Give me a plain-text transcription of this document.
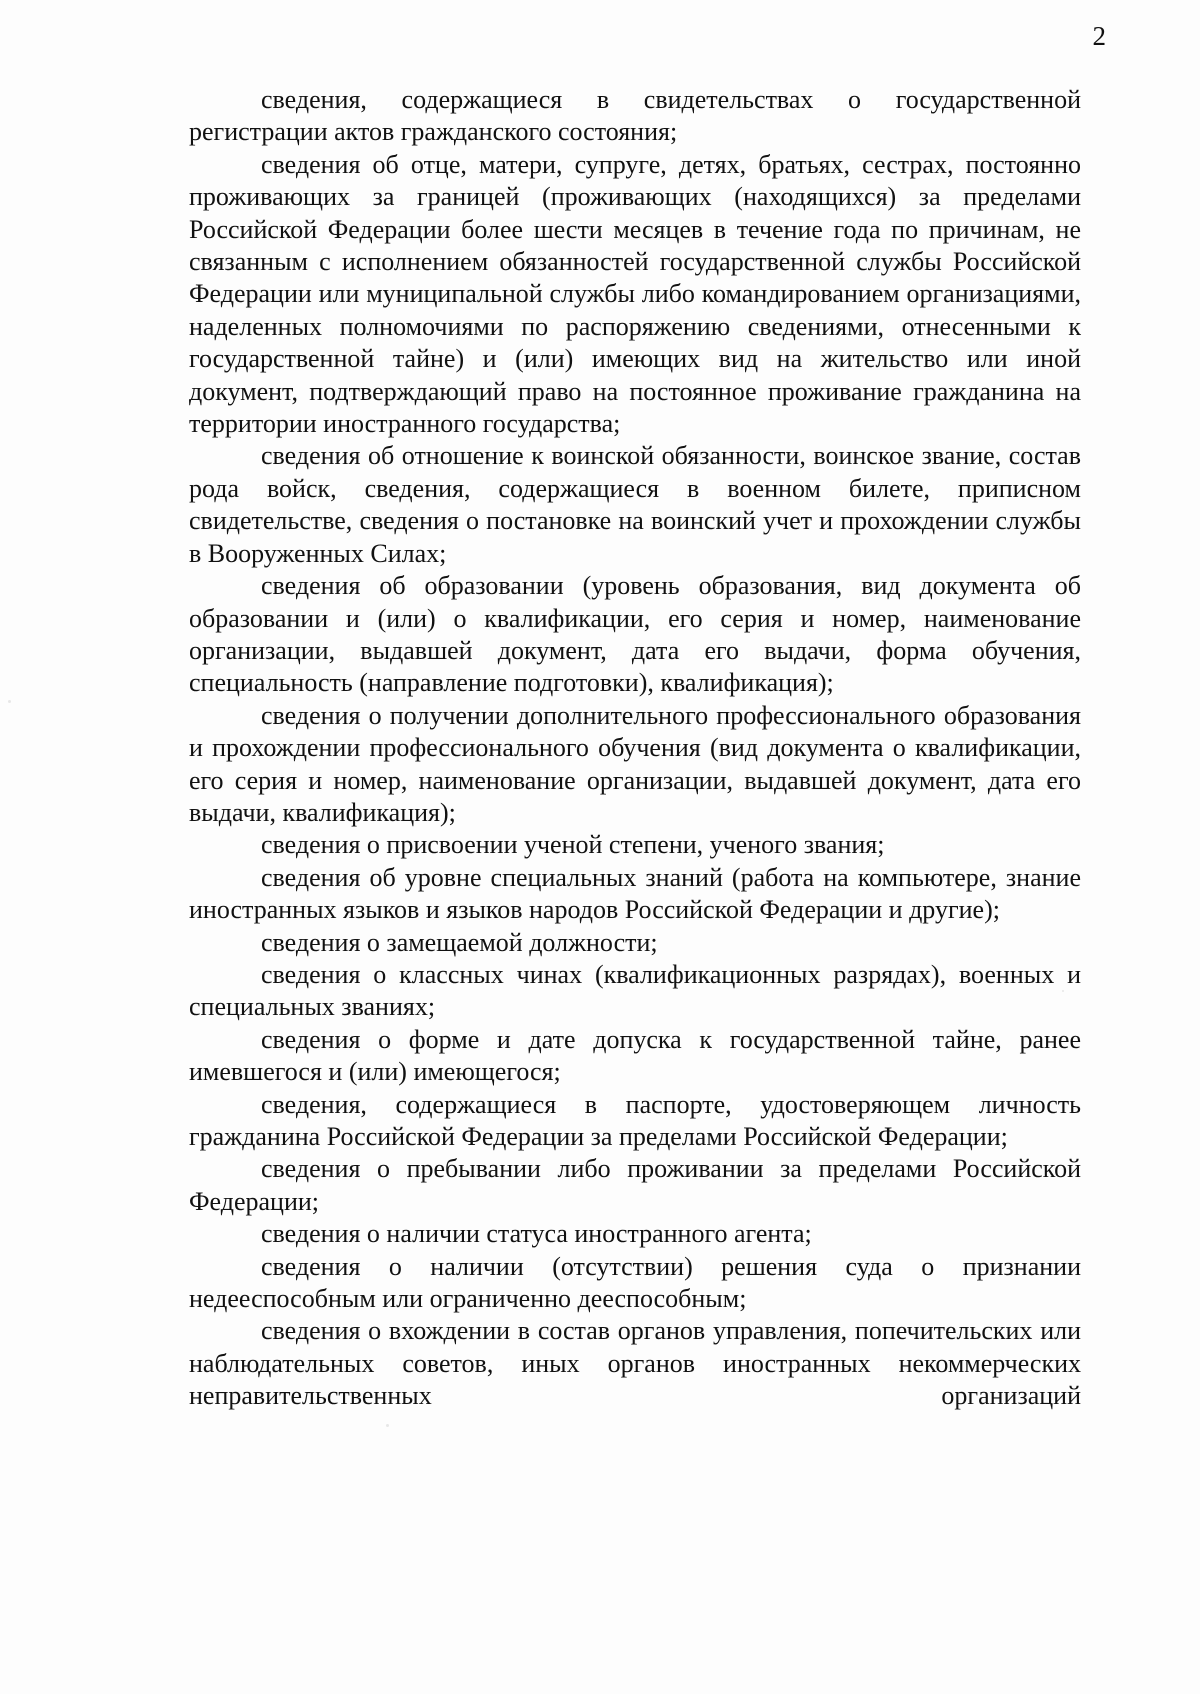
2

сведения, содержащиеся в свидетельствах о государственной регистрации актов гражданского состояния;

сведения об отце, матери, супруге, детях, братьях, сестрах, постоянно проживающих за границей (проживающих (находящихся) за пределами Российской Федерации более шести месяцев в течение года по причинам, не связанным с исполнением обязанностей государственной службы Российской Федерации или муниципальной службы либо командированием организациями, наделенных полномочиями по распоряжению сведениями, отнесенными к государственной тайне) и (или) имеющих вид на жительство или иной документ, подтверждающий право на постоянное проживание гражданина на территории иностранного государства;

сведения об отношение к воинской обязанности, воинское звание, состав рода войск, сведения, содержащиеся в военном билете, приписном свидетельстве, сведения о постановке на воинский учет и прохождении службы в Вооруженных Силах;

сведения об образовании (уровень образования, вид документа об образовании и (или) о квалификации, его серия и номер, наименование организации, выдавшей документ, дата его выдачи, форма обучения, специальность (направление подготовки), квалификация);

сведения о получении дополнительного профессионального образования и прохождении профессионального обучения (вид документа о квалификации, его серия и номер, наименование организации, выдавшей документ, дата его выдачи, квалификация);

сведения о присвоении ученой степени, ученого звания;

сведения об уровне специальных знаний (работа на компьютере, знание иностранных языков и языков народов Российской Федерации и другие);

сведения о замещаемой должности;

сведения о классных чинах (квалификационных разрядах), военных и специальных званиях;

сведения о форме и дате допуска к государственной тайне, ранее имевшегося и (или) имеющегося;

сведения, содержащиеся в паспорте, удостоверяющем личность гражданина Российской Федерации за пределами Российской Федерации;

сведения о пребывании либо проживании за пределами Российской Федерации;

сведения о наличии статуса иностранного агента;

сведения о наличии (отсутствии) решения суда о признании недееспособным или ограниченно дееспособным;

сведения о вхождении в состав органов управления, попечительских или наблюдательных советов, иных органов иностранных некоммерческих неправительственных организаций
